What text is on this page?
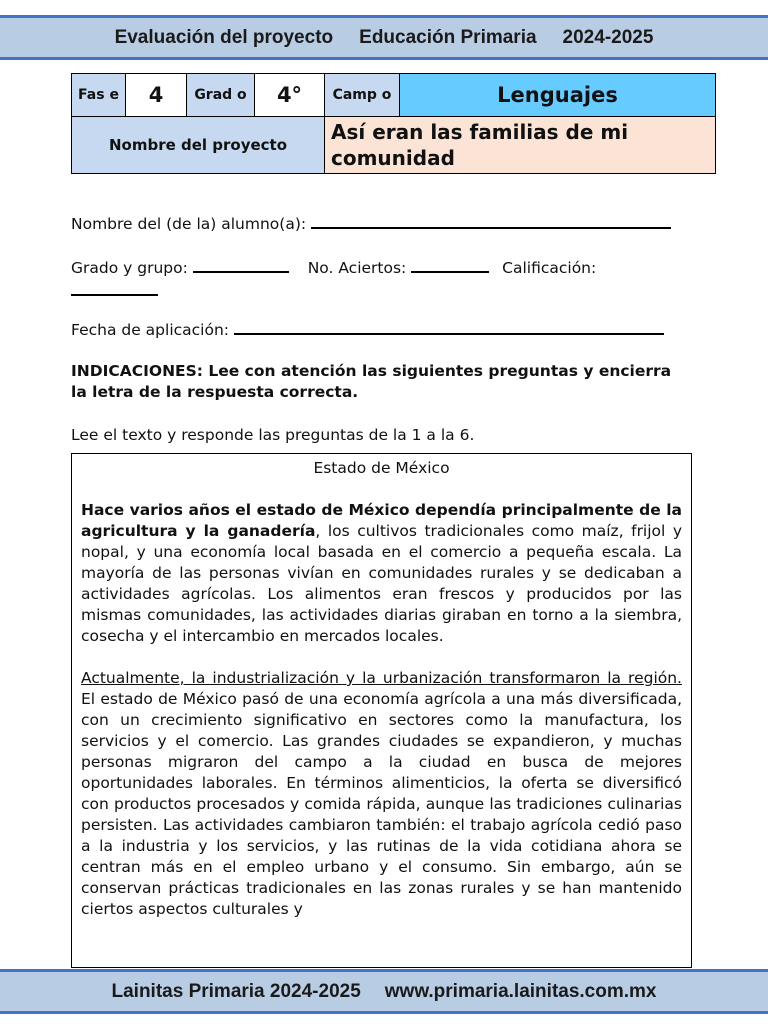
Evaluación del proyecto Educación Primaria 2024-2025
Fas e	4	Grad o	4°	Camp o	Lenguajes
Nombre del proyecto				Así eran las familias de mi comunidad	
Nombre del (de la) alumno(a):
Grado y grupo:	No. Aciertos:	Calificación:
Fecha de aplicación:
INDICACIONES: Lee con atención las siguientes preguntas y encierra la letra de la respuesta correcta.
Lee el texto y responde las preguntas de la 1 a la 6.
Estado de México

Hace varios años el estado de México dependía principalmente de la agricultura y la ganadería, los cultivos tradicionales como maíz, frijol y nopal, y una economía local basada en el comercio a pequeña escala. La mayoría de las personas vivían en comunidades rurales y se dedicaban a actividades agrícolas. Los alimentos eran frescos y producidos por las mismas comunidades, las actividades diarias giraban en torno a la siembra, cosecha y el intercambio en mercados locales.

Actualmente, la industrialización y la urbanización transformaron la región. El estado de México pasó de una economía agrícola a una más diversificada, con un crecimiento significativo en sectores como la manufactura, los servicios y el comercio. Las grandes ciudades se expandieron, y muchas personas migraron del campo a la ciudad en busca de mejores oportunidades laborales. En términos alimenticios, la oferta se diversificó con productos procesados y comida rápida, aunque las tradiciones culinarias persisten. Las actividades cambiaron también: el trabajo agrícola cedió paso a la industria y los servicios, y las rutinas de la vida cotidiana ahora se centran más en el empleo urbano y el consumo. Sin embargo, aún se conservan prácticas tradicionales en las zonas rurales y se han mantenido ciertos aspectos culturales y

Lainitas Primaria 2024-2025 www.primaria.lainitas.com.mx
